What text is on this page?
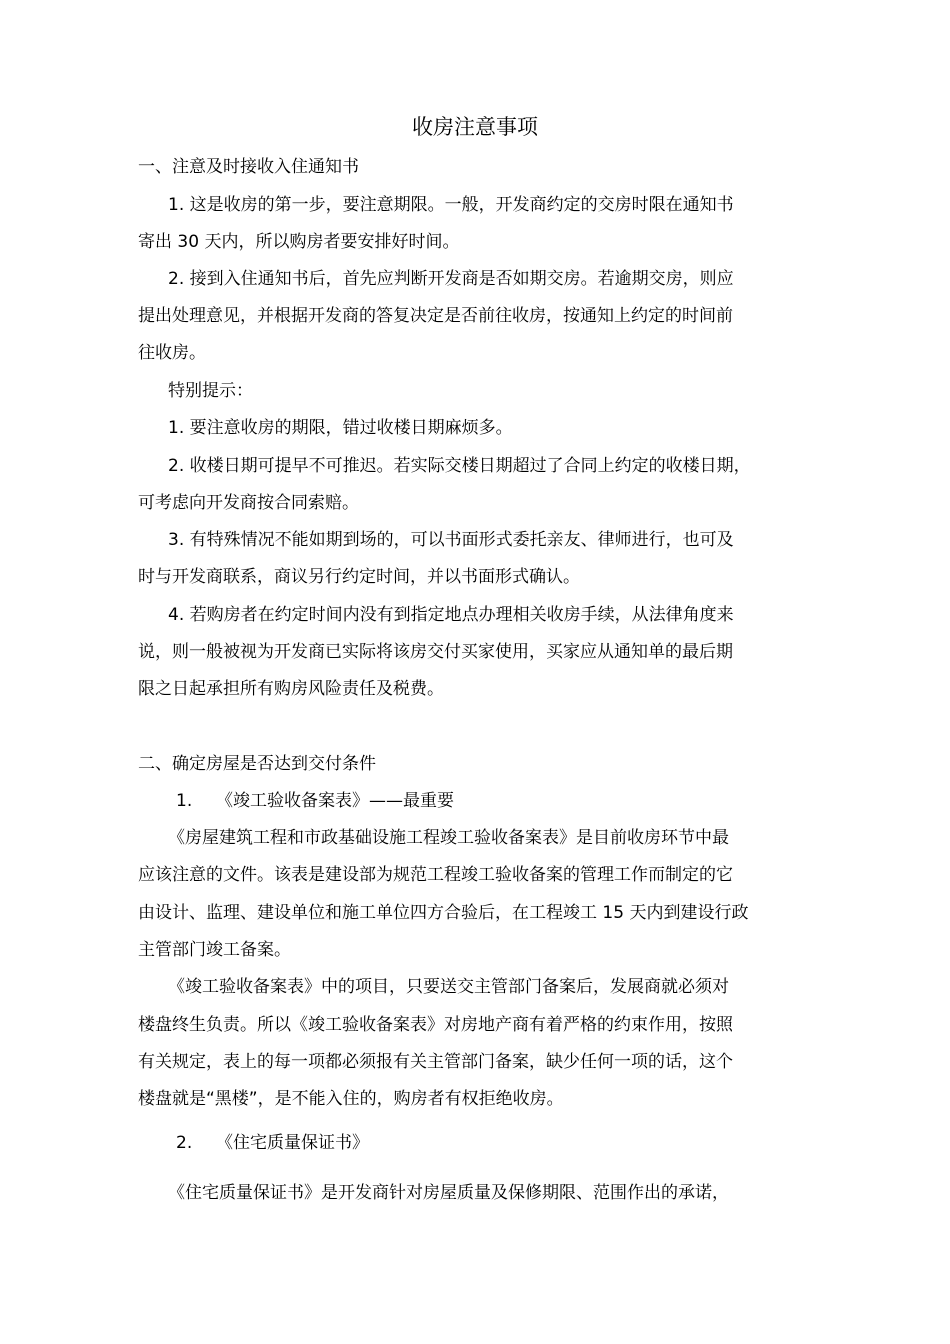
收房注意事项
一、注意及时接收入住通知书
1. 这是收房的第一步，要注意期限。一般，开发商约定的交房时限在通知书
寄出 30 天内，所以购房者要安排好时间。
2. 接到入住通知书后，首先应判断开发商是否如期交房。若逾期交房，则应
提出处理意见，并根据开发商的答复决定是否前往收房，按通知上约定的时间前
往收房。
特别提示：
1. 要注意收房的期限，错过收楼日期麻烦多。
2. 收楼日期可提早不可推迟。若实际交楼日期超过了合同上约定的收楼日期，
可考虑向开发商按合同索赔。
3. 有特殊情况不能如期到场的，可以书面形式委托亲友、律师进行，也可及
时与开发商联系，商议另行约定时间，并以书面形式确认。
4. 若购房者在约定时间内没有到指定地点办理相关收房手续，从法律角度来
说，则一般被视为开发商已实际将该房交付买家使用，买家应从通知单的最后期
限之日起承担所有购房风险责任及税费。
二、确定房屋是否达到交付条件
1. 《竣工验收备案表》——最重要
《房屋建筑工程和市政基础设施工程竣工验收备案表》是目前收房环节中最
应该注意的文件。该表是建设部为规范工程竣工验收备案的管理工作而制定的它
由设计、监理、建设单位和施工单位四方合验后，在工程竣工 15 天内到建设行政
主管部门竣工备案。
《竣工验收备案表》中的项目，只要送交主管部门备案后，发展商就必须对
楼盘终生负责。所以《竣工验收备案表》对房地产商有着严格的约束作用，按照
有关规定，表上的每一项都必须报有关主管部门备案，缺少任何一项的话，这个
楼盘就是“黑楼”，是不能入住的，购房者有权拒绝收房。
2. 《住宅质量保证书》
《住宅质量保证书》是开发商针对房屋质量及保修期限、范围作出的承诺，
